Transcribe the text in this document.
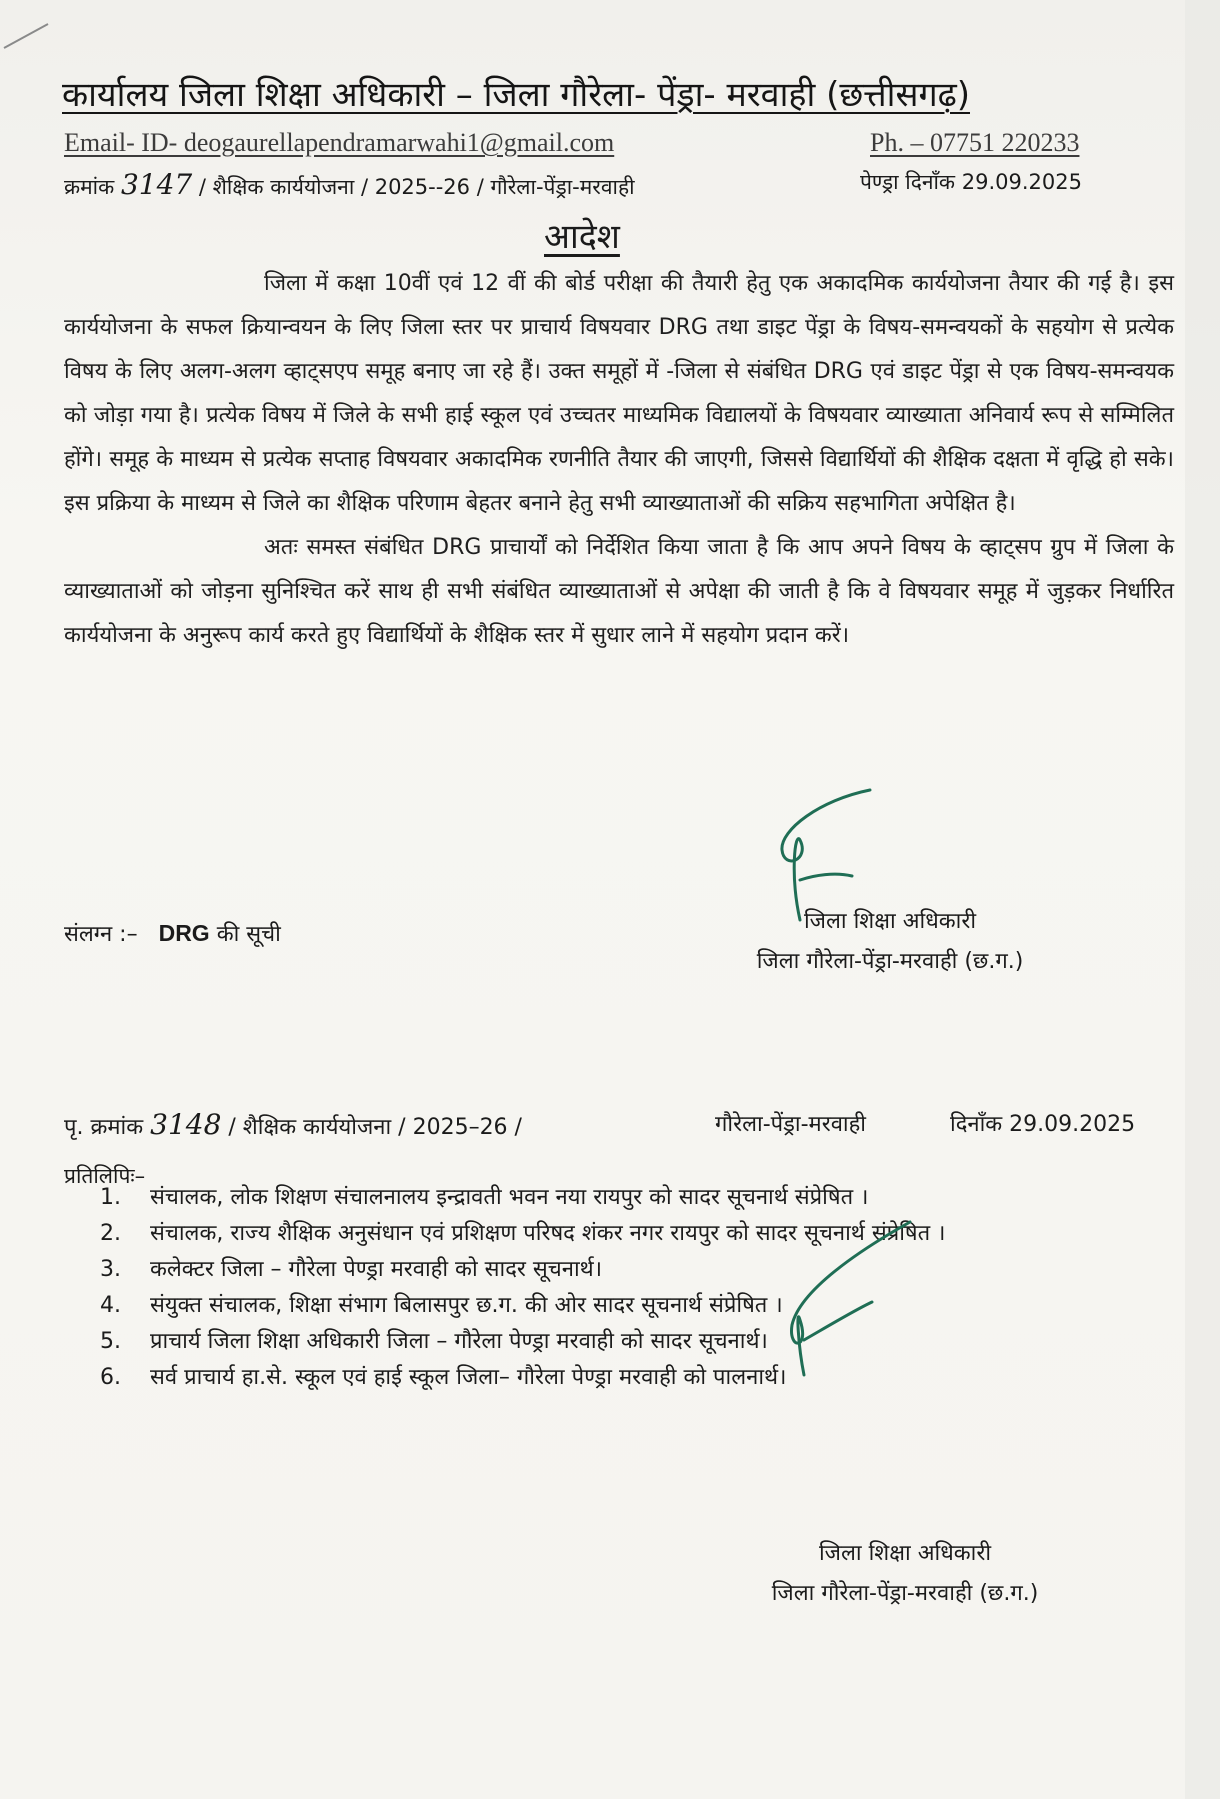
कार्यालय जिला शिक्षा अधिकारी – जिला गौरेला- पेंड्रा- मरवाही (छत्तीसगढ़)
Email- ID- deogaurellapendramarwahi1@gmail.com	Ph. – 07751 220233
क्रमांक 3147 / शैक्षिक कार्ययोजना / 2025--26 / गौरेला-पेंड्रा-मरवाही	पेण्ड्रा दिनाँक 29.09.2025
आदेश

जिला में कक्षा 10वीं एवं 12 वीं की बोर्ड परीक्षा की तैयारी हेतु एक अकादमिक कार्ययोजना तैयार की गई है। इस कार्ययोजना के सफल क्रियान्वयन के लिए जिला स्तर पर प्राचार्य विषयवार DRG तथा डाइट पेंड्रा के विषय-समन्वयकों के सहयोग से प्रत्येक विषय के लिए अलग-अलग व्हाट्सएप समूह बनाए जा रहे हैं। उक्त समूहों में -जिला से संबंधित DRG एवं डाइट पेंड्रा से एक विषय-समन्वयक को जोड़ा गया है। प्रत्येक विषय में जिले के सभी हाई स्कूल एवं उच्चतर माध्यमिक विद्यालयों के विषयवार व्याख्याता अनिवार्य रूप से सम्मिलित होंगे। समूह के माध्यम से प्रत्येक सप्ताह विषयवार अकादमिक रणनीति तैयार की जाएगी, जिससे विद्यार्थियों की शैक्षिक दक्षता में वृद्धि हो सके। इस प्रक्रिया के माध्यम से जिले का शैक्षिक परिणाम बेहतर बनाने हेतु सभी व्याख्याताओं की सक्रिय सहभागिता अपेक्षित है।

अतः समस्त संबंधित DRG प्राचार्यों को निर्देशित किया जाता है कि आप अपने विषय के व्हाट्सप ग्रुप में जिला के व्याख्याताओं को जोड़ना सुनिश्चित करें साथ ही सभी संबंधित व्याख्याताओं से अपेक्षा की जाती है कि वे विषयवार समूह में जुड़कर निर्धारित कार्ययोजना के अनुरूप कार्य करते हुए विद्यार्थियों के शैक्षिक स्तर में सुधार लाने में सहयोग प्रदान करें।

संलग्न :– DRG की सूची
जिला शिक्षा अधिकारी
जिला गौरेला-पेंड्रा-मरवाही (छ.ग.)
पृ. क्रमांक 3148 / शैक्षिक कार्ययोजना / 2025–26 /	गौरेला-पेंड्रा-मरवाही	दिनाँक 29.09.2025
प्रतिलिपिः–
1.	संचालक, लोक शिक्षण संचालनालय इन्द्रावती भवन नया रायपुर को सादर सूचनार्थ संप्रेषित ।
2.	संचालक, राज्य शैक्षिक अनुसंधान एवं प्रशिक्षण परिषद शंकर नगर रायपुर को सादर सूचनार्थ संप्रेषित ।
3.	कलेक्टर जिला – गौरेला पेण्ड्रा मरवाही को सादर सूचनार्थ।
4.	संयुक्त संचालक, शिक्षा संभाग बिलासपुर छ.ग. की ओर सादर सूचनार्थ संप्रेषित ।
5.	प्राचार्य जिला शिक्षा अधिकारी जिला – गौरेला पेण्ड्रा मरवाही को सादर सूचनार्थ।
6.	सर्व प्राचार्य हा.से. स्कूल एवं हाई स्कूल जिला– गौरेला पेण्ड्रा मरवाही को पालनार्थ।
जिला शिक्षा अधिकारी
जिला गौरेला-पेंड्रा-मरवाही (छ.ग.)
